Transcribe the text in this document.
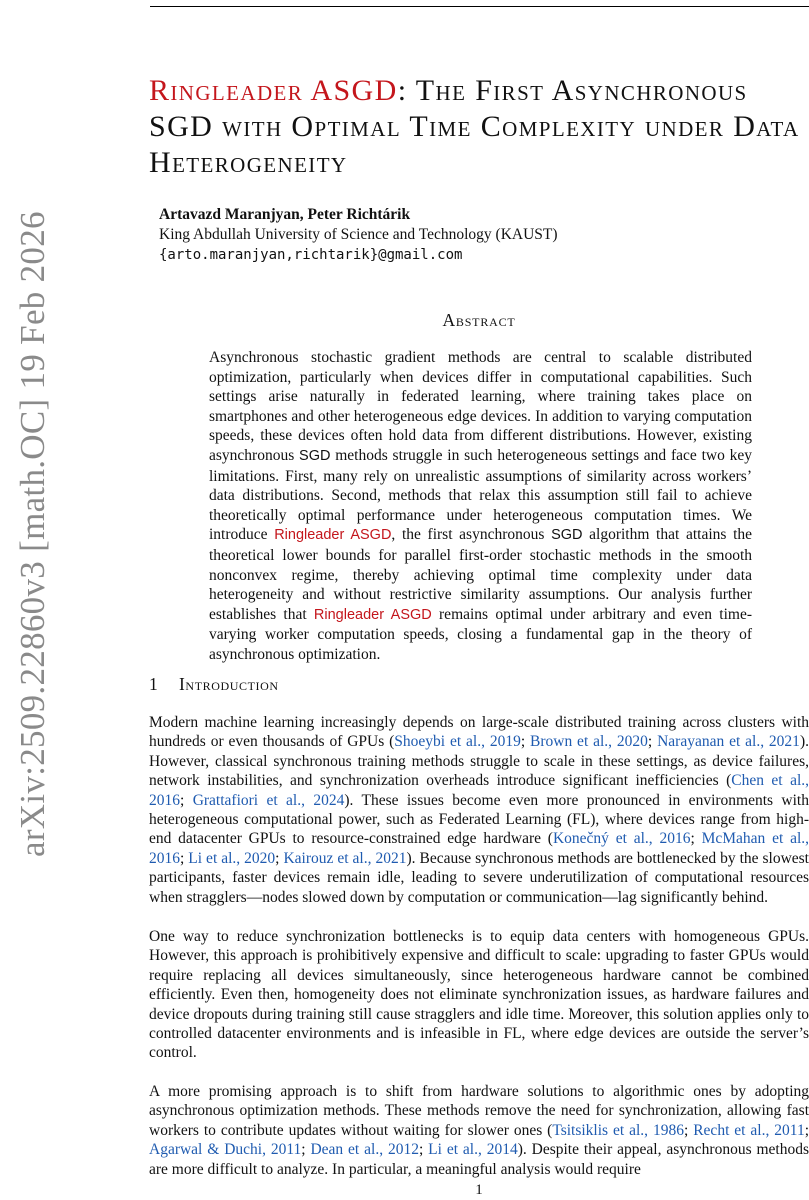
arXiv:2509.22860v3 [math.OC] 19 Feb 2026
Ringleader ASGD: The First Asynchronous SGD with Optimal Time Complexity under Data Heterogeneity
Artavazd Maranjyan, Peter Richtárik
King Abdullah University of Science and Technology (KAUST)
{arto.maranjyan,richtarik}@gmail.com
Abstract
Asynchronous stochastic gradient methods are central to scalable distributed optimization, particularly when devices differ in computational capabilities. Such settings arise naturally in federated learning, where training takes place on smartphones and other heterogeneous edge devices. In addition to varying computation speeds, these devices often hold data from different distributions. However, existing asynchronous SGD methods struggle in such heterogeneous settings and face two key limitations. First, many rely on unrealistic assumptions of similarity across workers’ data distributions. Second, methods that relax this assumption still fail to achieve theoretically optimal performance under heterogeneous computation times. We introduce Ringleader ASGD, the first asynchronous SGD algorithm that attains the theoretical lower bounds for parallel first-order stochastic methods in the smooth nonconvex regime, thereby achieving optimal time complexity under data heterogeneity and without restrictive similarity assumptions. Our analysis further establishes that Ringleader ASGD remains optimal under arbitrary and even time-varying worker computation speeds, closing a fundamental gap in the theory of asynchronous optimization.
1 Introduction
Modern machine learning increasingly depends on large-scale distributed training across clusters with hundreds or even thousands of GPUs (Shoeybi et al., 2019; Brown et al., 2020; Narayanan et al., 2021). However, classical synchronous training methods struggle to scale in these settings, as device failures, network instabilities, and synchronization overheads introduce significant inefficiencies (Chen et al., 2016; Grattafiori et al., 2024). These issues become even more pronounced in environments with heterogeneous computational power, such as Federated Learning (FL), where devices range from high-end datacenter GPUs to resource-constrained edge hardware (Konečný et al., 2016; McMahan et al., 2016; Li et al., 2020; Kairouz et al., 2021). Because synchronous methods are bottlenecked by the slowest participants, faster devices remain idle, leading to severe underutilization of computational resources when stragglers—nodes slowed down by computation or communication—lag significantly behind.
One way to reduce synchronization bottlenecks is to equip data centers with homogeneous GPUs. However, this approach is prohibitively expensive and difficult to scale: upgrading to faster GPUs would require replacing all devices simultaneously, since heterogeneous hardware cannot be combined efficiently. Even then, homogeneity does not eliminate synchronization issues, as hardware failures and device dropouts during training still cause stragglers and idle time. Moreover, this solution applies only to controlled datacenter environments and is infeasible in FL, where edge devices are outside the server’s control.
A more promising approach is to shift from hardware solutions to algorithmic ones by adopting asynchronous optimization methods. These methods remove the need for synchronization, allowing fast workers to contribute updates without waiting for slower ones (Tsitsiklis et al., 1986; Recht et al., 2011; Agarwal & Duchi, 2011; Dean et al., 2012; Li et al., 2014). Despite their appeal, asynchronous methods are more difficult to analyze. In particular, a meaningful analysis would require
1
